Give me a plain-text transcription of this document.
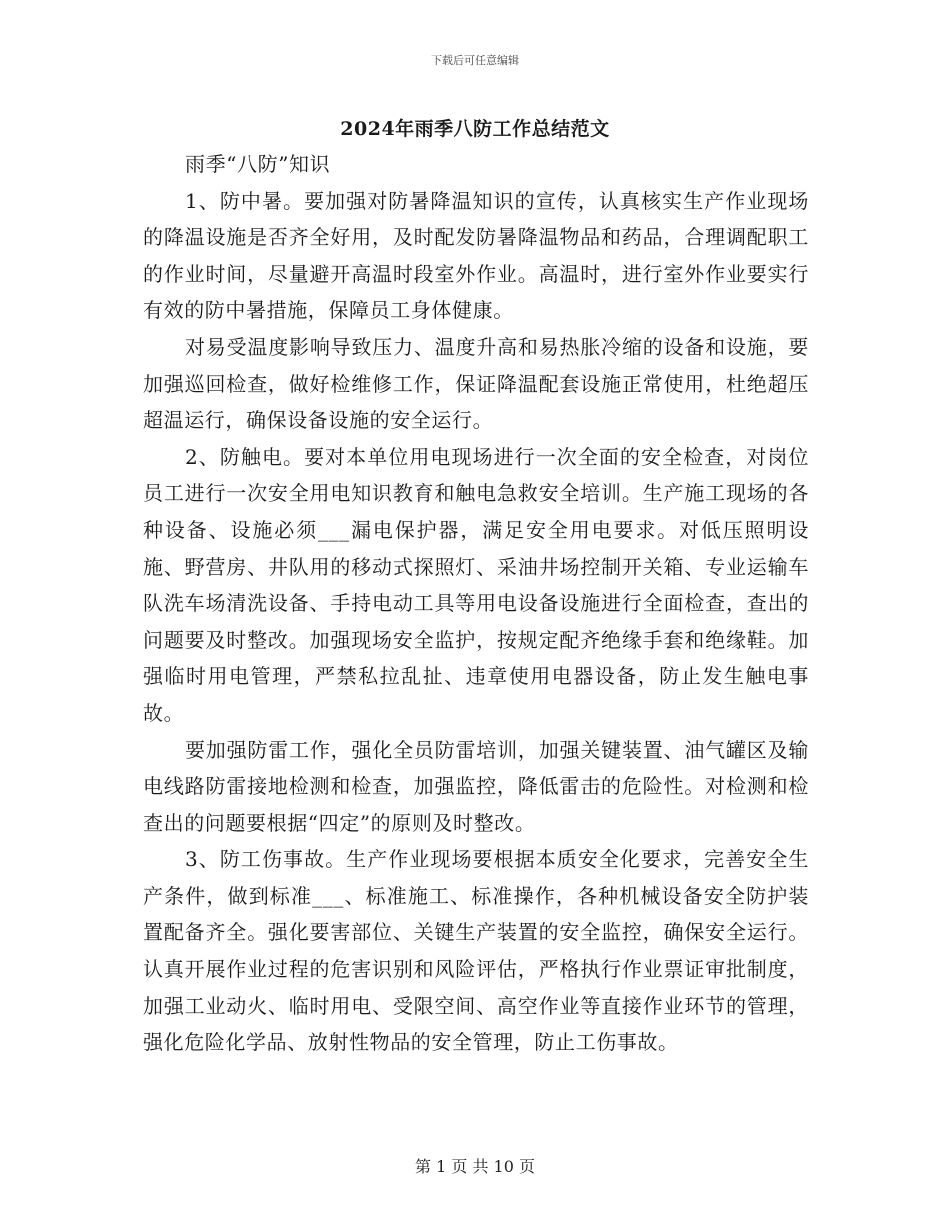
下载后可任意编辑
2024年雨季八防工作总结范文

雨季“八防”知识

1、防中暑。要加强对防暑降温知识的宣传，认真核实生产作业现场的降温设施是否齐全好用，及时配发防暑降温物品和药品，合理调配职工的作业时间，尽量避开高温时段室外作业。高温时，进行室外作业要实行有效的防中暑措施，保障员工身体健康。

对易受温度影响导致压力、温度升高和易热胀冷缩的设备和设施，要加强巡回检查，做好检维修工作，保证降温配套设施正常使用，杜绝超压超温运行，确保设备设施的安全运行。

2、防触电。要对本单位用电现场进行一次全面的安全检查，对岗位员工进行一次安全用电知识教育和触电急救安全培训。生产施工现场的各种设备、设施必须___漏电保护器，满足安全用电要求。对低压照明设施、野营房、井队用的移动式探照灯、采油井场控制开关箱、专业运输车队洗车场清洗设备、手持电动工具等用电设备设施进行全面检查，查出的问题要及时整改。加强现场安全监护，按规定配齐绝缘手套和绝缘鞋。加强临时用电管理，严禁私拉乱扯、违章使用电器设备，防止发生触电事故。

要加强防雷工作，强化全员防雷培训，加强关键装置、油气罐区及输电线路防雷接地检测和检查，加强监控，降低雷击的危险性。对检测和检查出的问题要根据“四定”的原则及时整改。

3、防工伤事故。生产作业现场要根据本质安全化要求，完善安全生产条件，做到标准___、标准施工、标准操作，各种机械设备安全防护装置配备齐全。强化要害部位、关键生产装置的安全监控，确保安全运行。认真开展作业过程的危害识别和风险评估，严格执行作业票证审批制度，加强工业动火、临时用电、受限空间、高空作业等直接作业环节的管理，强化危险化学品、放射性物品的安全管理，防止工伤事故。

第 1 页 共 10 页
